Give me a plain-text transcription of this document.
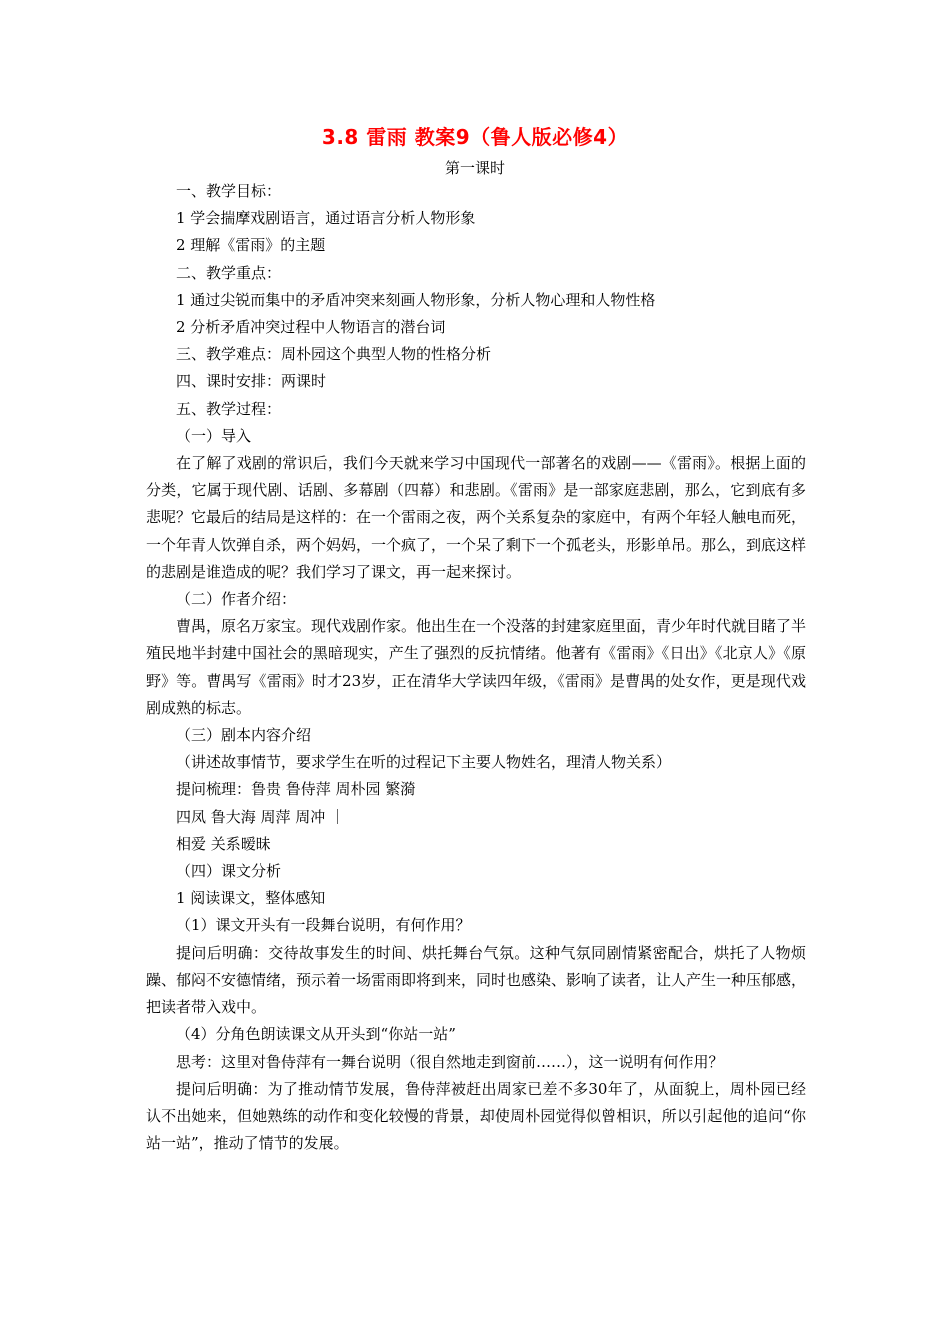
3.8 雷雨 教案9（鲁人版必修4）
第一课时

一、教学目标：

1 学会揣摩戏剧语言，通过语言分析人物形象

2 理解《雷雨》的主题

二、教学重点：

1 通过尖锐而集中的矛盾冲突来刻画人物形象，分析人物心理和人物性格

2 分析矛盾冲突过程中人物语言的潜台词

三、教学难点：周朴园这个典型人物的性格分析

四、课时安排：两课时

五、教学过程：

（一）导入

在了解了戏剧的常识后，我们今天就来学习中国现代一部著名的戏剧——《雷雨》。根据上面的分类，它属于现代剧、话剧、多幕剧（四幕）和悲剧。《雷雨》是一部家庭悲剧，那么，它到底有多悲呢？它最后的结局是这样的：在一个雷雨之夜，两个关系复杂的家庭中，有两个年轻人触电而死，一个年青人饮弹自杀，两个妈妈，一个疯了，一个呆了剩下一个孤老头，形影单吊。那么，到底这样的悲剧是谁造成的呢？我们学习了课文，再一起来探讨。

（二）作者介绍：

曹禺，原名万家宝。现代戏剧作家。他出生在一个没落的封建家庭里面，青少年时代就目睹了半殖民地半封建中国社会的黑暗现实，产生了强烈的反抗情绪。他著有《雷雨》《日出》《北京人》《原野》等。曹禺写《雷雨》时才23岁，正在清华大学读四年级，《雷雨》是曹禺的处女作，更是现代戏剧成熟的标志。

（三）剧本内容介绍

（讲述故事情节，要求学生在听的过程记下主要人物姓名，理清人物关系）

提问梳理：鲁贵 鲁侍萍 周朴园 繁漪

四凤 鲁大海 周萍 周冲 ｜

相爱 关系暧昧

（四）课文分析

1 阅读课文，整体感知

（1）课文开头有一段舞台说明，有何作用？

提问后明确：交待故事发生的时间、烘托舞台气氛。这种气氛同剧情紧密配合，烘托了人物烦躁、郁闷不安德情绪，预示着一场雷雨即将到来，同时也感染、影响了读者，让人产生一种压郁感，把读者带入戏中。

（4）分角色朗读课文从开头到“你站一站”

思考：这里对鲁侍萍有一舞台说明（很自然地走到窗前……），这一说明有何作用？

提问后明确：为了推动情节发展，鲁侍萍被赶出周家已差不多30年了，从面貌上，周朴园已经认不出她来，但她熟练的动作和变化较慢的背景，却使周朴园觉得似曾相识，所以引起他的追问“你站一站”，推动了情节的发展。
